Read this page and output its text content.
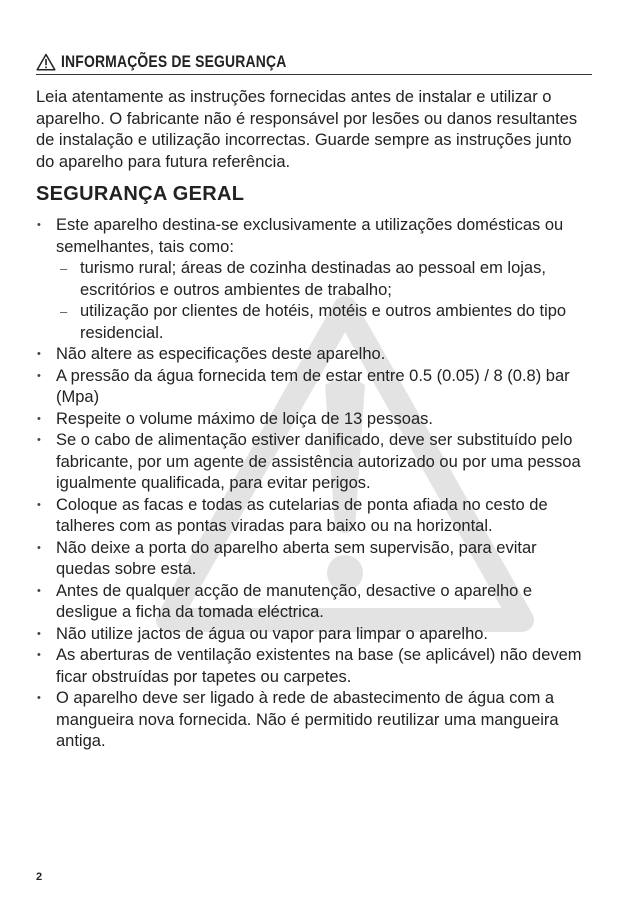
INFORMAÇÕES DE SEGURANÇA

Leia atentamente as instruções fornecidas antes de instalar e utilizar o aparelho. O fabricante não é responsável por lesões ou danos resultantes de instalação e utilização incorrectas. Guarde sempre as instruções junto do aparelho para futura referência.

SEGURANÇA GERAL
• Este aparelho destina-se exclusivamente a utilizações domésticas ou semelhantes, tais como:
– turismo rural; áreas de cozinha destinadas ao pessoal em lojas, escritórios e outros ambientes de trabalho;
– utilização por clientes de hotéis, motéis e outros ambientes do tipo residencial.
• Não altere as especificações deste aparelho.
• A pressão da água fornecida tem de estar entre 0.5 (0.05) / 8 (0.8) bar (Mpa)
• Respeite o volume máximo de loiça de 13 pessoas.
• Se o cabo de alimentação estiver danificado, deve ser substituído pelo fabricante, por um agente de assistência autorizado ou por uma pessoa igualmente qualificada, para evitar perigos.
• Coloque as facas e todas as cutelarias de ponta afiada no cesto de talheres com as pontas viradas para baixo ou na horizontal.
• Não deixe a porta do aparelho aberta sem supervisão, para evitar quedas sobre esta.
• Antes de qualquer acção de manutenção, desactive o aparelho e desligue a ficha da tomada eléctrica.
• Não utilize jactos de água ou vapor para limpar o aparelho.
• As aberturas de ventilação existentes na base (se aplicável) não devem ficar obstruídas por tapetes ou carpetes.
• O aparelho deve ser ligado à rede de abastecimento de água com a mangueira nova fornecida. Não é permitido reutilizar uma mangueira antiga.
2
